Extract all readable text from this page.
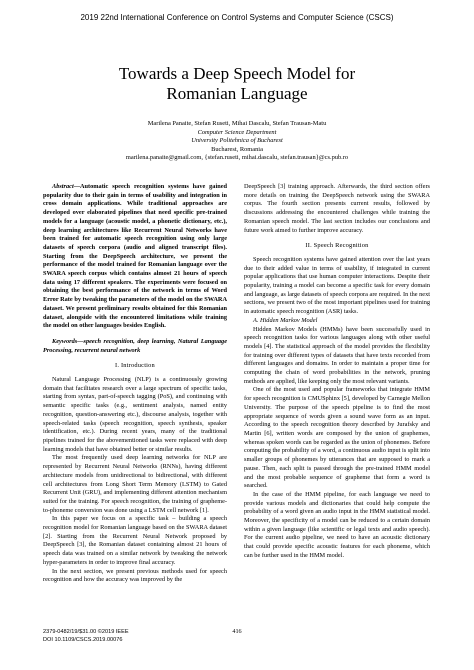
2019 22nd International Conference on Control Systems and Computer Science (CSCS)
Towards a Deep Speech Model for
Romanian Language
Marilena Panaite, Stefan Ruseti, Mihai Dascalu, Stefan Trausan-Matu
Computer Science Department
University Politehnica of Bucharest
Bucharest, Romania
marilena.panaite@gmail.com, {stefan.ruseti, mihai.dascalu, stefan.trausan}@cs.pub.ro

Abstract—Automatic speech recognition systems have gained popularity due to their gain in terms of usability and integration in cross domain applications. While traditional approaches are developed over elaborated pipelines that need specific pre-trained models for a language (acoustic model, a phonetic dictionary, etc.), deep learning architectures like Recurrent Neural Networks have been trained for automatic speech recognition using only large datasets of speech corpora (audio and aligned transcript files). Starting from the DeepSpeech architecture, we present the performance of the model trained for Romanian language over the SWARA speech corpus which contains almost 21 hours of speech data using 17 different speakers. The experiments were focused on obtaining the best performance of the network in terms of Word Error Rate by tweaking the parameters of the model on the SWARA dataset. We present preliminary results obtained for this Romanian dataset, alongside with the encountered limitations while training the model on other languages besides English.

Keywords—speech recognition, deep learning, Natural Language Processing, recurrent neural network

I. Introduction

Natural Language Processing (NLP) is a continuously growing domain that facilitates research over a large spectrum of specific tasks, starting from syntax, part-of-speech tagging (PoS), and continuing with semantic specific tasks (e.g., sentiment analysis, named entity recognition, question-answering etc.), discourse analysis, together with speech-related tasks (speech recognition, speech synthesis, speaker identification, etc.). During recent years, many of the traditional pipelines trained for the abovementioned tasks were replaced with deep learning models that have obtained better or similar results.

The most frequently used deep learning networks for NLP are represented by Recurrent Neural Networks (RNNs), having different architecture models from unidirectional to bidirectional, with different cell architectures from Long Short Term Memory (LSTM) to Gated Recurrent Unit (GRU), and implementing different attention mechanism suited for the training. For speech recognition, the training of grapheme-to-phoneme conversion was done using a LSTM cell network [1].

In this paper we focus on a specific task – building a speech recognition model for Romanian language based on the SWARA dataset [2]. Starting from the Recurrent Neural Network proposed by DeepSpeech [3], the Romanian dataset containing almost 21 hours of speech data was trained on a similar network by tweaking the network hyper-parameters in order to improve final accuracy.

In the next section, we present previous methods used for speech recognition and how the accuracy was improved by the

DeepSpeech [3] training approach. Afterwards, the third section offers more details on training the DeepSpeech network using the SWARA corpus. The fourth section presents current results, followed by discussions addressing the encountered challenges while training the Romanian speech model. The last section includes our conclusions and future work aimed to further improve accuracy.

II. Speech Recognition

Speech recognition systems have gained attention over the last years due to their added value in terms of usability, if integrated in current popular applications that use human computer interactions. Despite their popularity, training a model can become a specific task for every domain and language, as large datasets of speech corpora are required. In the next sections, we present two of the most important pipelines used for training in automatic speech recognition (ASR) tasks.

A. Hidden Markov Model

Hidden Markov Models (HMMs) have been successfully used in speech recognition tasks for various languages along with other useful models [4]. The statistical approach of the model provides the flexibility for training over different types of datasets that have texts recorded from different languages and domains. In order to maintain a proper time for computing the chain of word probabilities in the network, pruning methods are applied, like keeping only the most relevant variants.

One of the most used and popular frameworks that integrate HMM for speech recognition is CMUSphinx [5], developed by Carnegie Mellon University. The purpose of the speech pipeline is to find the most appropriate sequence of words given a sound wave form as an input. According to the speech recognition theory described by Jurafsky and Martin [6], written words are composed by the union of graphemes, whereas spoken words can be regarded as the union of phonemes. Before computing the probability of a word, a continuous audio input is split into smaller groups of phonemes by utterances that are supposed to mark a pause. Then, each split is passed through the pre-trained HMM model and the most probable sequence of grapheme that form a word is searched.

In the case of the HMM pipeline, for each language we need to provide various models and dictionaries that could help compute the probability of a word given an audio input in the HMM statistical model. Moreover, the specificity of a model can be reduced to a certain domain within a given language (like scientific or legal texts and audio speech). For the current audio pipeline, we need to have an acoustic dictionary that could provide specific acoustic features for each phoneme, which can be further used in the HMM model.

2379-0482/19/$31.00 ©2019 IEEE
DOI 10.1109/CSCS.2019.00076
416
